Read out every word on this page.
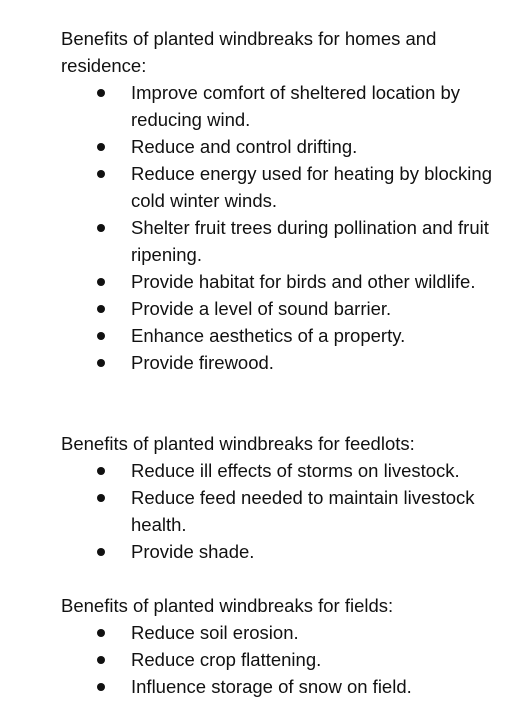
Benefits of planted windbreaks for homes and residence:

Improve comfort of sheltered location by reducing wind.
Reduce and control drifting.
Reduce energy used for heating by blocking cold winter winds.
Shelter fruit trees during pollination and fruit ripening.
Provide habitat for birds and other wildlife.
Provide a level of sound barrier.
Enhance aesthetics of a property.
Provide firewood.

Benefits of planted windbreaks for feedlots:

Reduce ill effects of storms on livestock.
Reduce feed needed to maintain livestock health.
Provide shade.

Benefits of planted windbreaks for fields:

Reduce soil erosion.
Reduce crop flattening.
Influence storage of snow on field.
